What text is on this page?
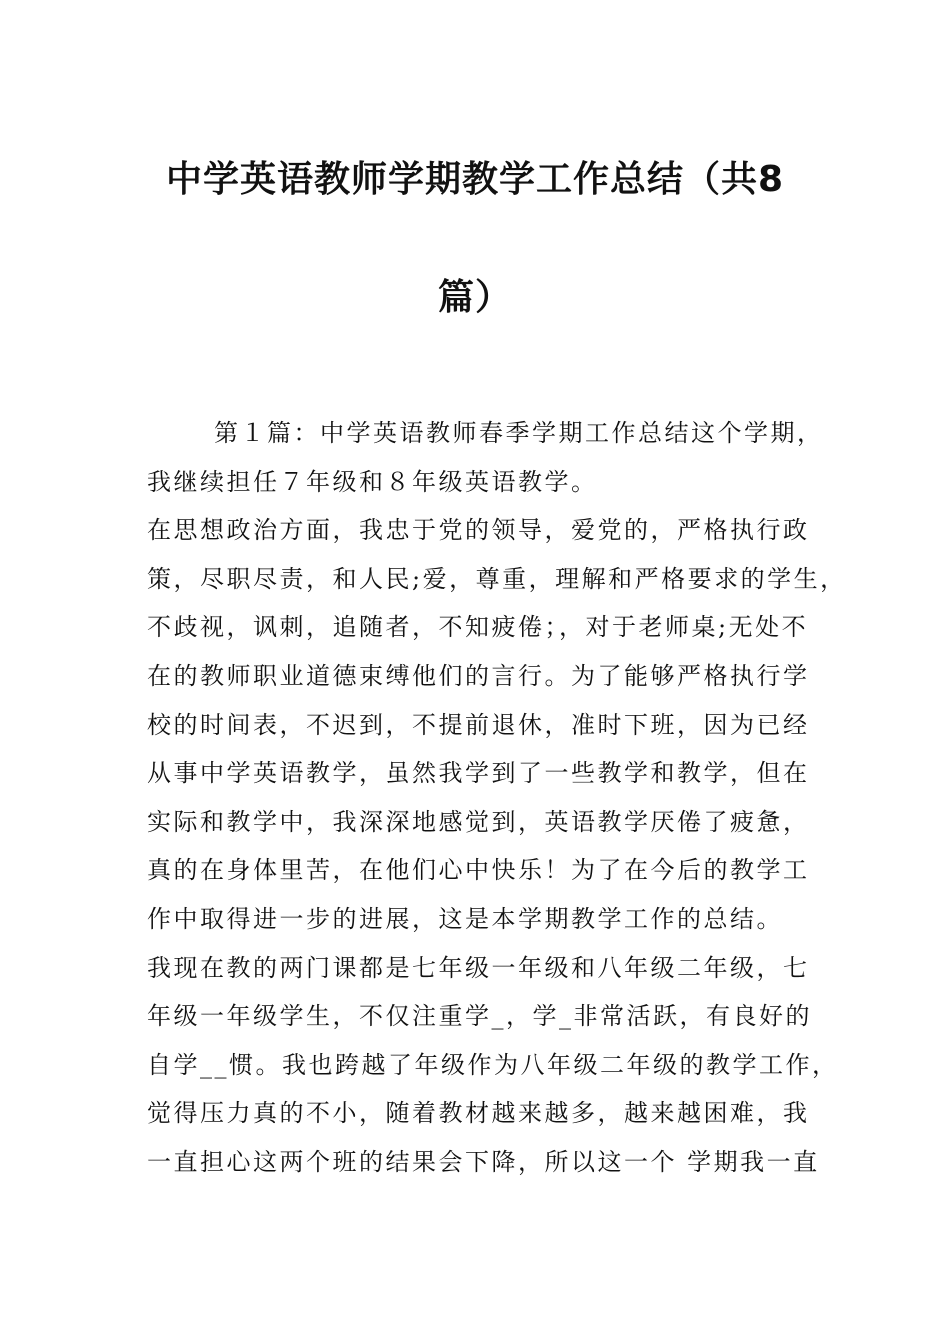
中学英语教师学期教学工作总结（共8
篇）
第１篇：中学英语教师春季学期工作总结这个学期，
我继续担任７年级和８年级英语教学。
在思想政治方面，我忠于党的领导，爱党的，严格执行政
策，尽职尽责，和人民;爱，尊重，理解和严格要求的学生，
不歧视，讽刺，追随者，不知疲倦；，对于老师桌;无处不
在的教师职业道德束缚他们的言行。为了能够严格执行学
校的时间表，不迟到，不提前退休，准时下班，因为已经
从事中学英语教学，虽然我学到了一些教学和教学，但在
实际和教学中，我深深地感觉到，英语教学厌倦了疲惫，
真的在身体里苦，在他们心中快乐！为了在今后的教学工
作中取得进一步的进展，这是本学期教学工作的总结。
我现在教的两门课都是七年级一年级和八年级二年级，七
年级一年级学生，不仅注重学_，学_非常活跃，有良好的
自学__惯。我也跨越了年级作为八年级二年级的教学工作，
觉得压力真的不小，随着教材越来越多，越来越困难，我
一直担心这两个班的结果会下降，所以这一个 学期我一直
